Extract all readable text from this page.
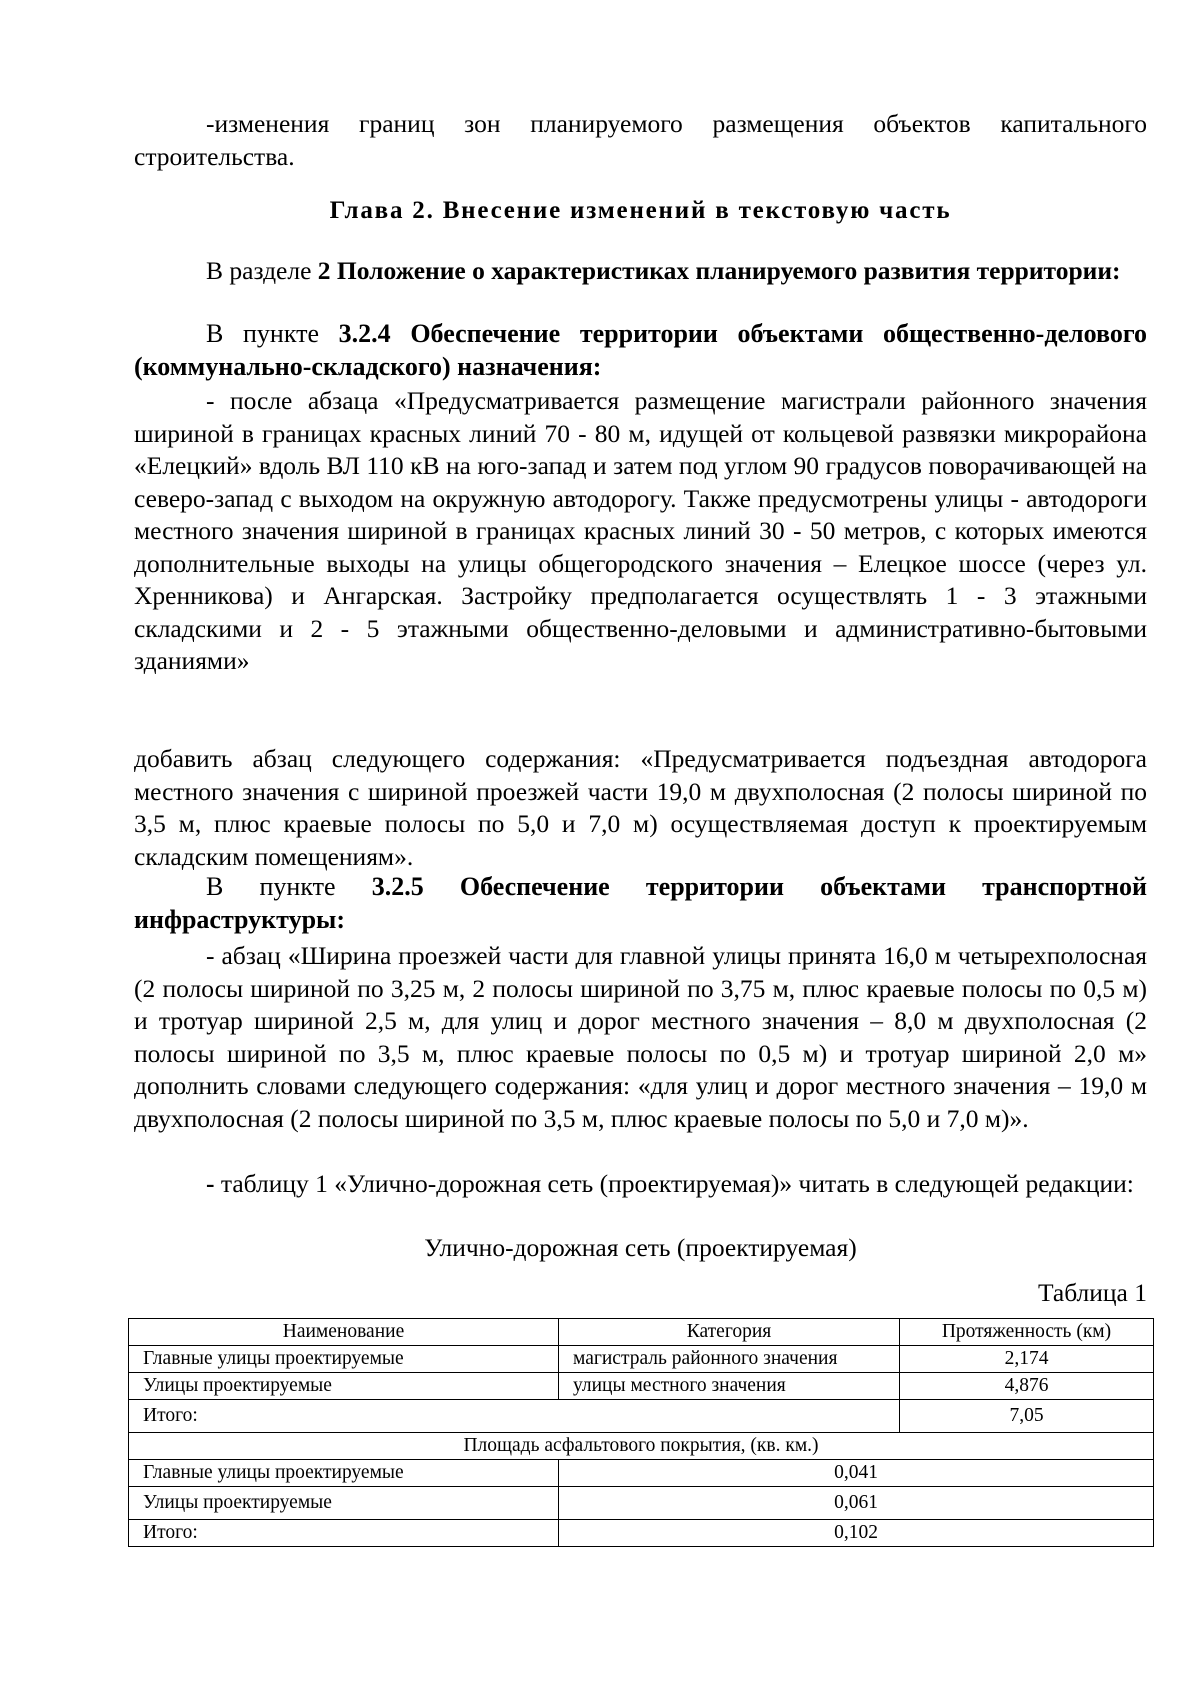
-изменения границ зон планируемого размещения объектов капитального строительства.

Глава 2. Внесение изменений в текстовую часть

В разделе 2 Положение о характеристиках планируемого развития территории:

В пункте 3.2.4 Обеспечение территории объектами общественно-делового (коммунально-складского) назначения:

- после абзаца «Предусматривается размещение магистрали районного значения шириной в границах красных линий 70 - 80 м, идущей от кольцевой развязки микрорайона «Елецкий» вдоль ВЛ 110 кВ на юго-запад и затем под углом 90 градусов поворачивающей на северо-запад с выходом на окружную автодорогу. Также предусмотрены улицы - автодороги местного значения шириной в границах красных линий 30 - 50 метров, с которых имеются дополнительные выходы на улицы общегородского значения – Елецкое шоссе (через ул. Хренникова) и Ангарская. Застройку предполагается осуществлять 1 - 3 этажными складскими и 2 - 5 этажными общественно-деловыми и административно-бытовыми зданиями»

добавить абзац следующего содержания: «Предусматривается подъездная автодорога местного значения с шириной проезжей части 19,0 м двухполосная (2 полосы шириной по 3,5 м, плюс краевые полосы по 5,0 и 7,0 м) осуществляемая доступ к проектируемым складским помещениям».

В пункте 3.2.5 Обеспечение территории объектами транспортной инфраструктуры:

- абзац «Ширина проезжей части для главной улицы принята 16,0 м четырехполосная (2 полосы шириной по 3,25 м, 2 полосы шириной по 3,75 м, плюс краевые полосы по 0,5 м) и тротуар шириной 2,5 м, для улиц и дорог местного значения – 8,0 м двухполосная (2 полосы шириной по 3,5 м, плюс краевые полосы по 0,5 м) и тротуар шириной 2,0 м» дополнить словами следующего содержания: «для улиц и дорог местного значения – 19,0 м двухполосная (2 полосы шириной по 3,5 м, плюс краевые полосы по 5,0 и 7,0 м)».

- таблицу 1 «Улично-дорожная сеть (проектируемая)» читать в следующей редакции:

Улично-дорожная сеть (проектируемая)

Таблица 1

Наименование	Категория	Протяженность (км)
Главные улицы проектируемые	магистраль районного значения	2,174
Улицы проектируемые	улицы местного значения	4,876
Итого:		7,05
Площадь асфальтового покрытия, (кв. км.)		
Главные улицы проектируемые	0,041	
Улицы проектируемые	0,061	
Итого:	0,102	
